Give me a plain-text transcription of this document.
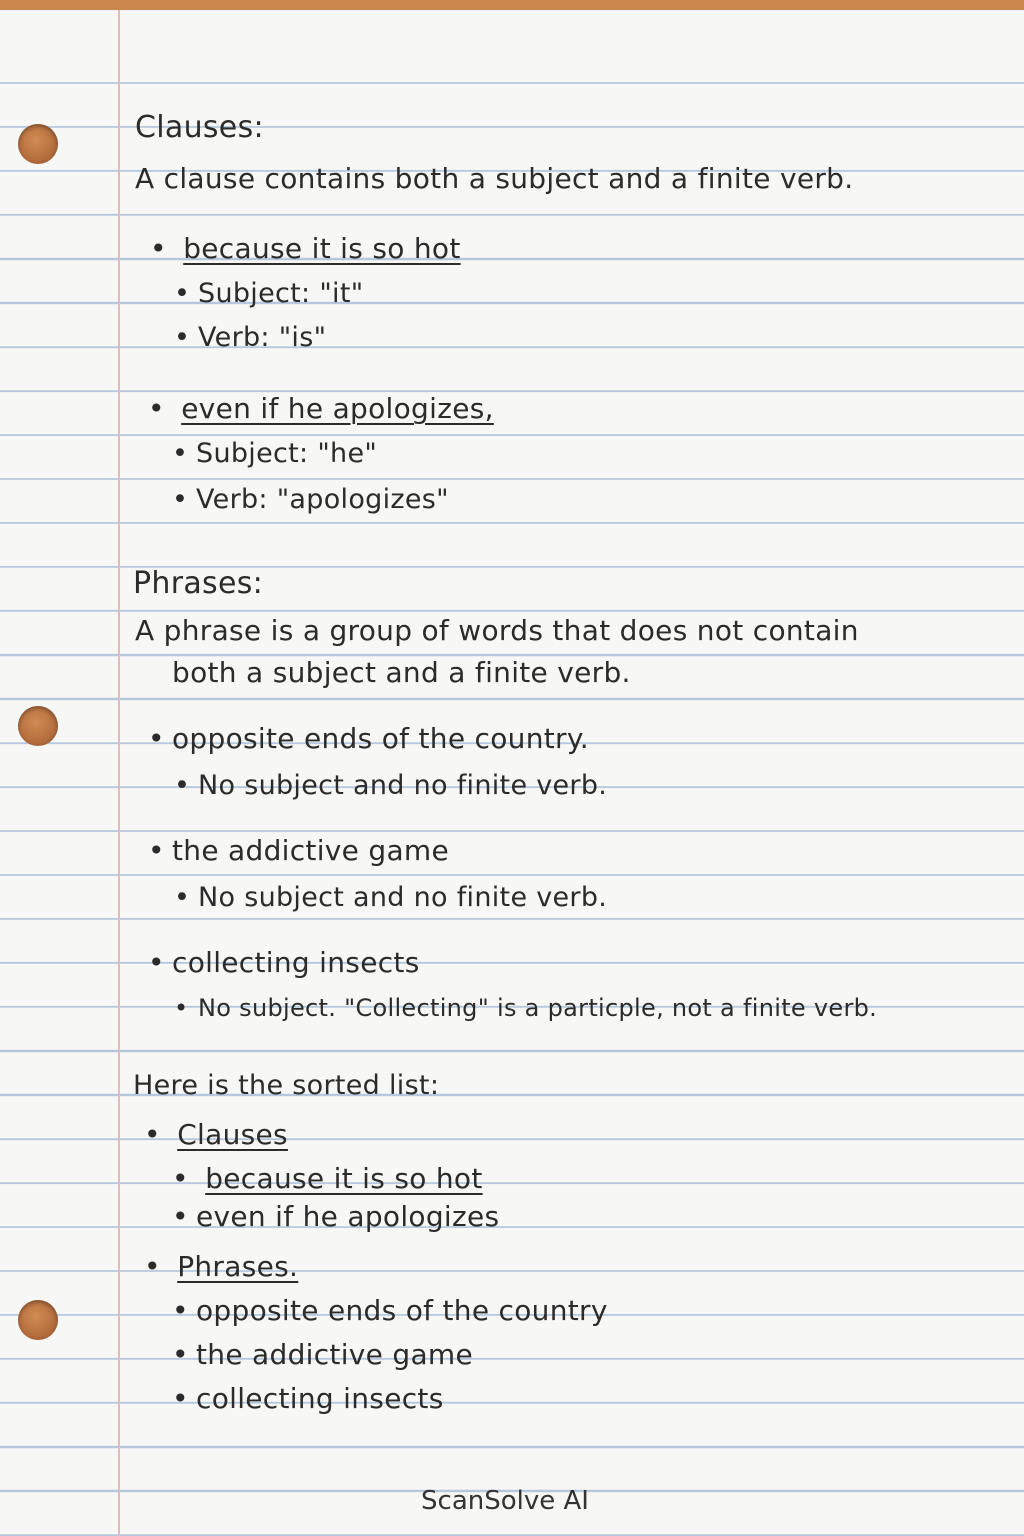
Clauses:
A clause contains both a subject and a finite verb.
• because it is so hot
• Subject: "it"
• Verb: "is"
• even if he apologizes,
• Subject: "he"
• Verb: "apologizes"
Phrases:
A phrase is a group of words that does not contain
both a subject and a finite verb.
• opposite ends of the country.
• No subject and no finite verb.
• the addictive game
• No subject and no finite verb.
• collecting insects
• No subject. "Collecting" is a particple, not a finite verb.
Here is the sorted list:
• Clauses
• because it is so hot
• even if he apologizes
• Phrases.
• opposite ends of the country
• the addictive game
• collecting insects
ScanSolve AI
